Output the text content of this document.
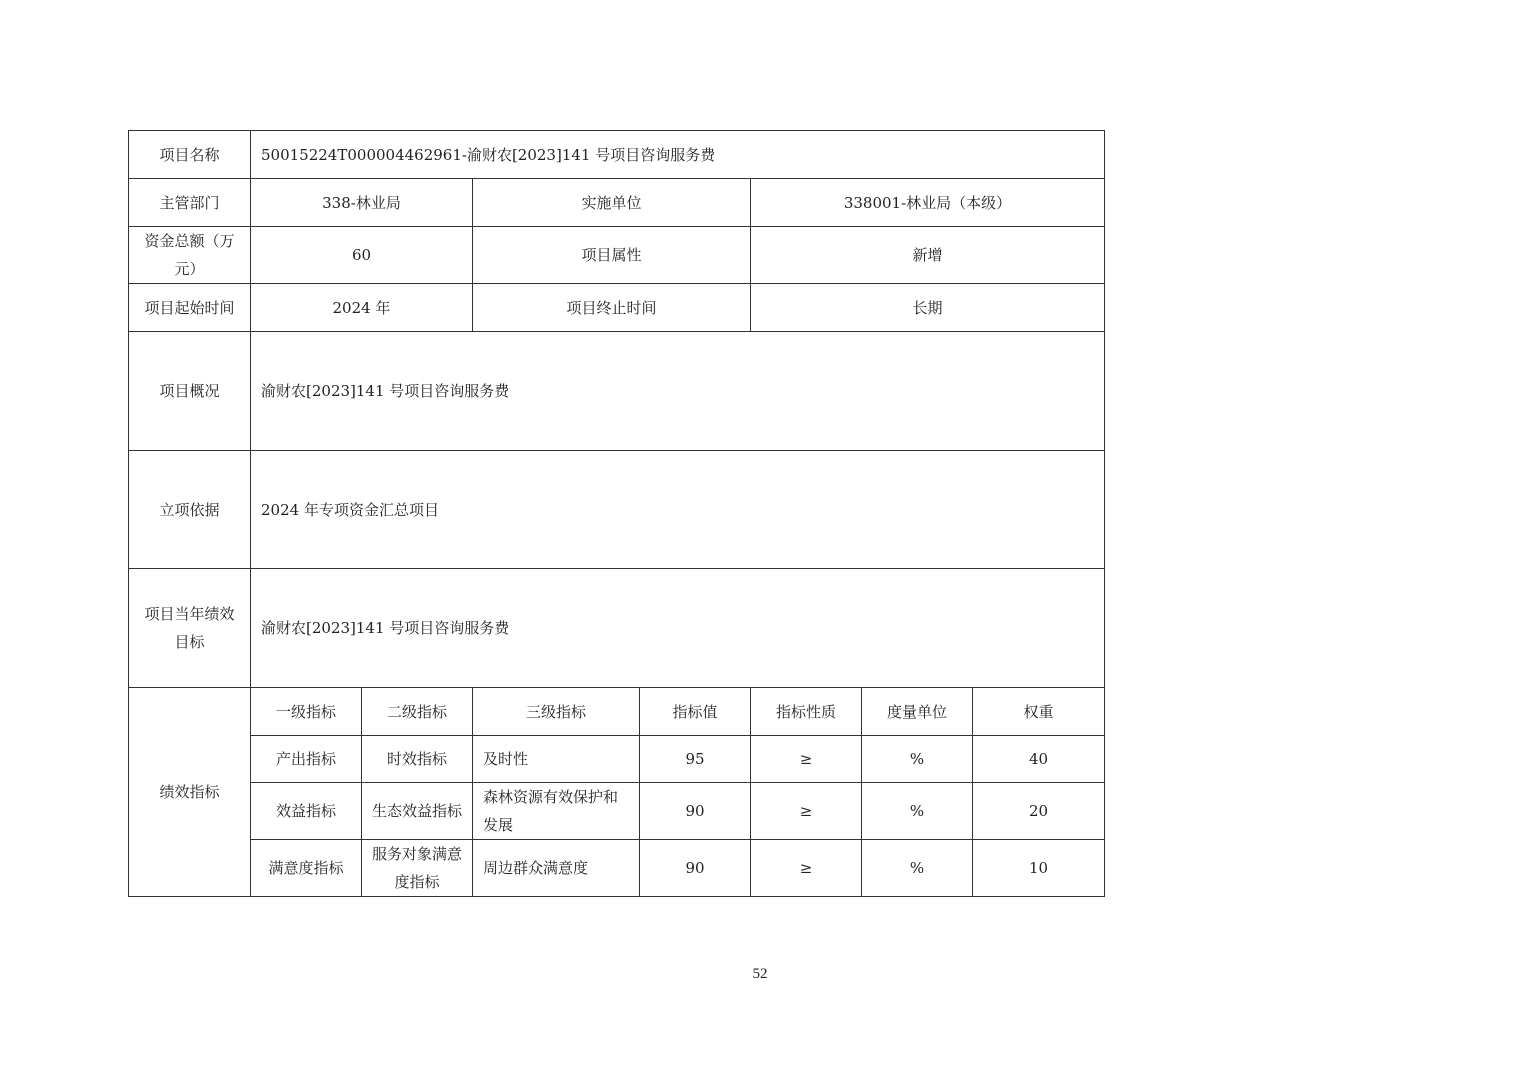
项目名称	50015224T000004462961-渝财农[2023]141 号项目咨询服务费						
主管部门	338-林业局		实施单位		338001-林业局（本级）		
资金总额（万元）	60		项目属性		新增		
项目起始时间	2024 年		项目终止时间		长期		
项目概况	渝财农[2023]141 号项目咨询服务费						
立项依据	2024 年专项资金汇总项目						
项目当年绩效目标	渝财农[2023]141 号项目咨询服务费						
绩效指标	一级指标	二级指标	三级指标	指标值	指标性质	度量单位	权重
	产出指标	时效指标	及时性	95	≥	%	40
	效益指标	生态效益指标	森林资源有效保护和发展	90	≥	%	20
	满意度指标	服务对象满意度指标	周边群众满意度	90	≥	%	10
52
